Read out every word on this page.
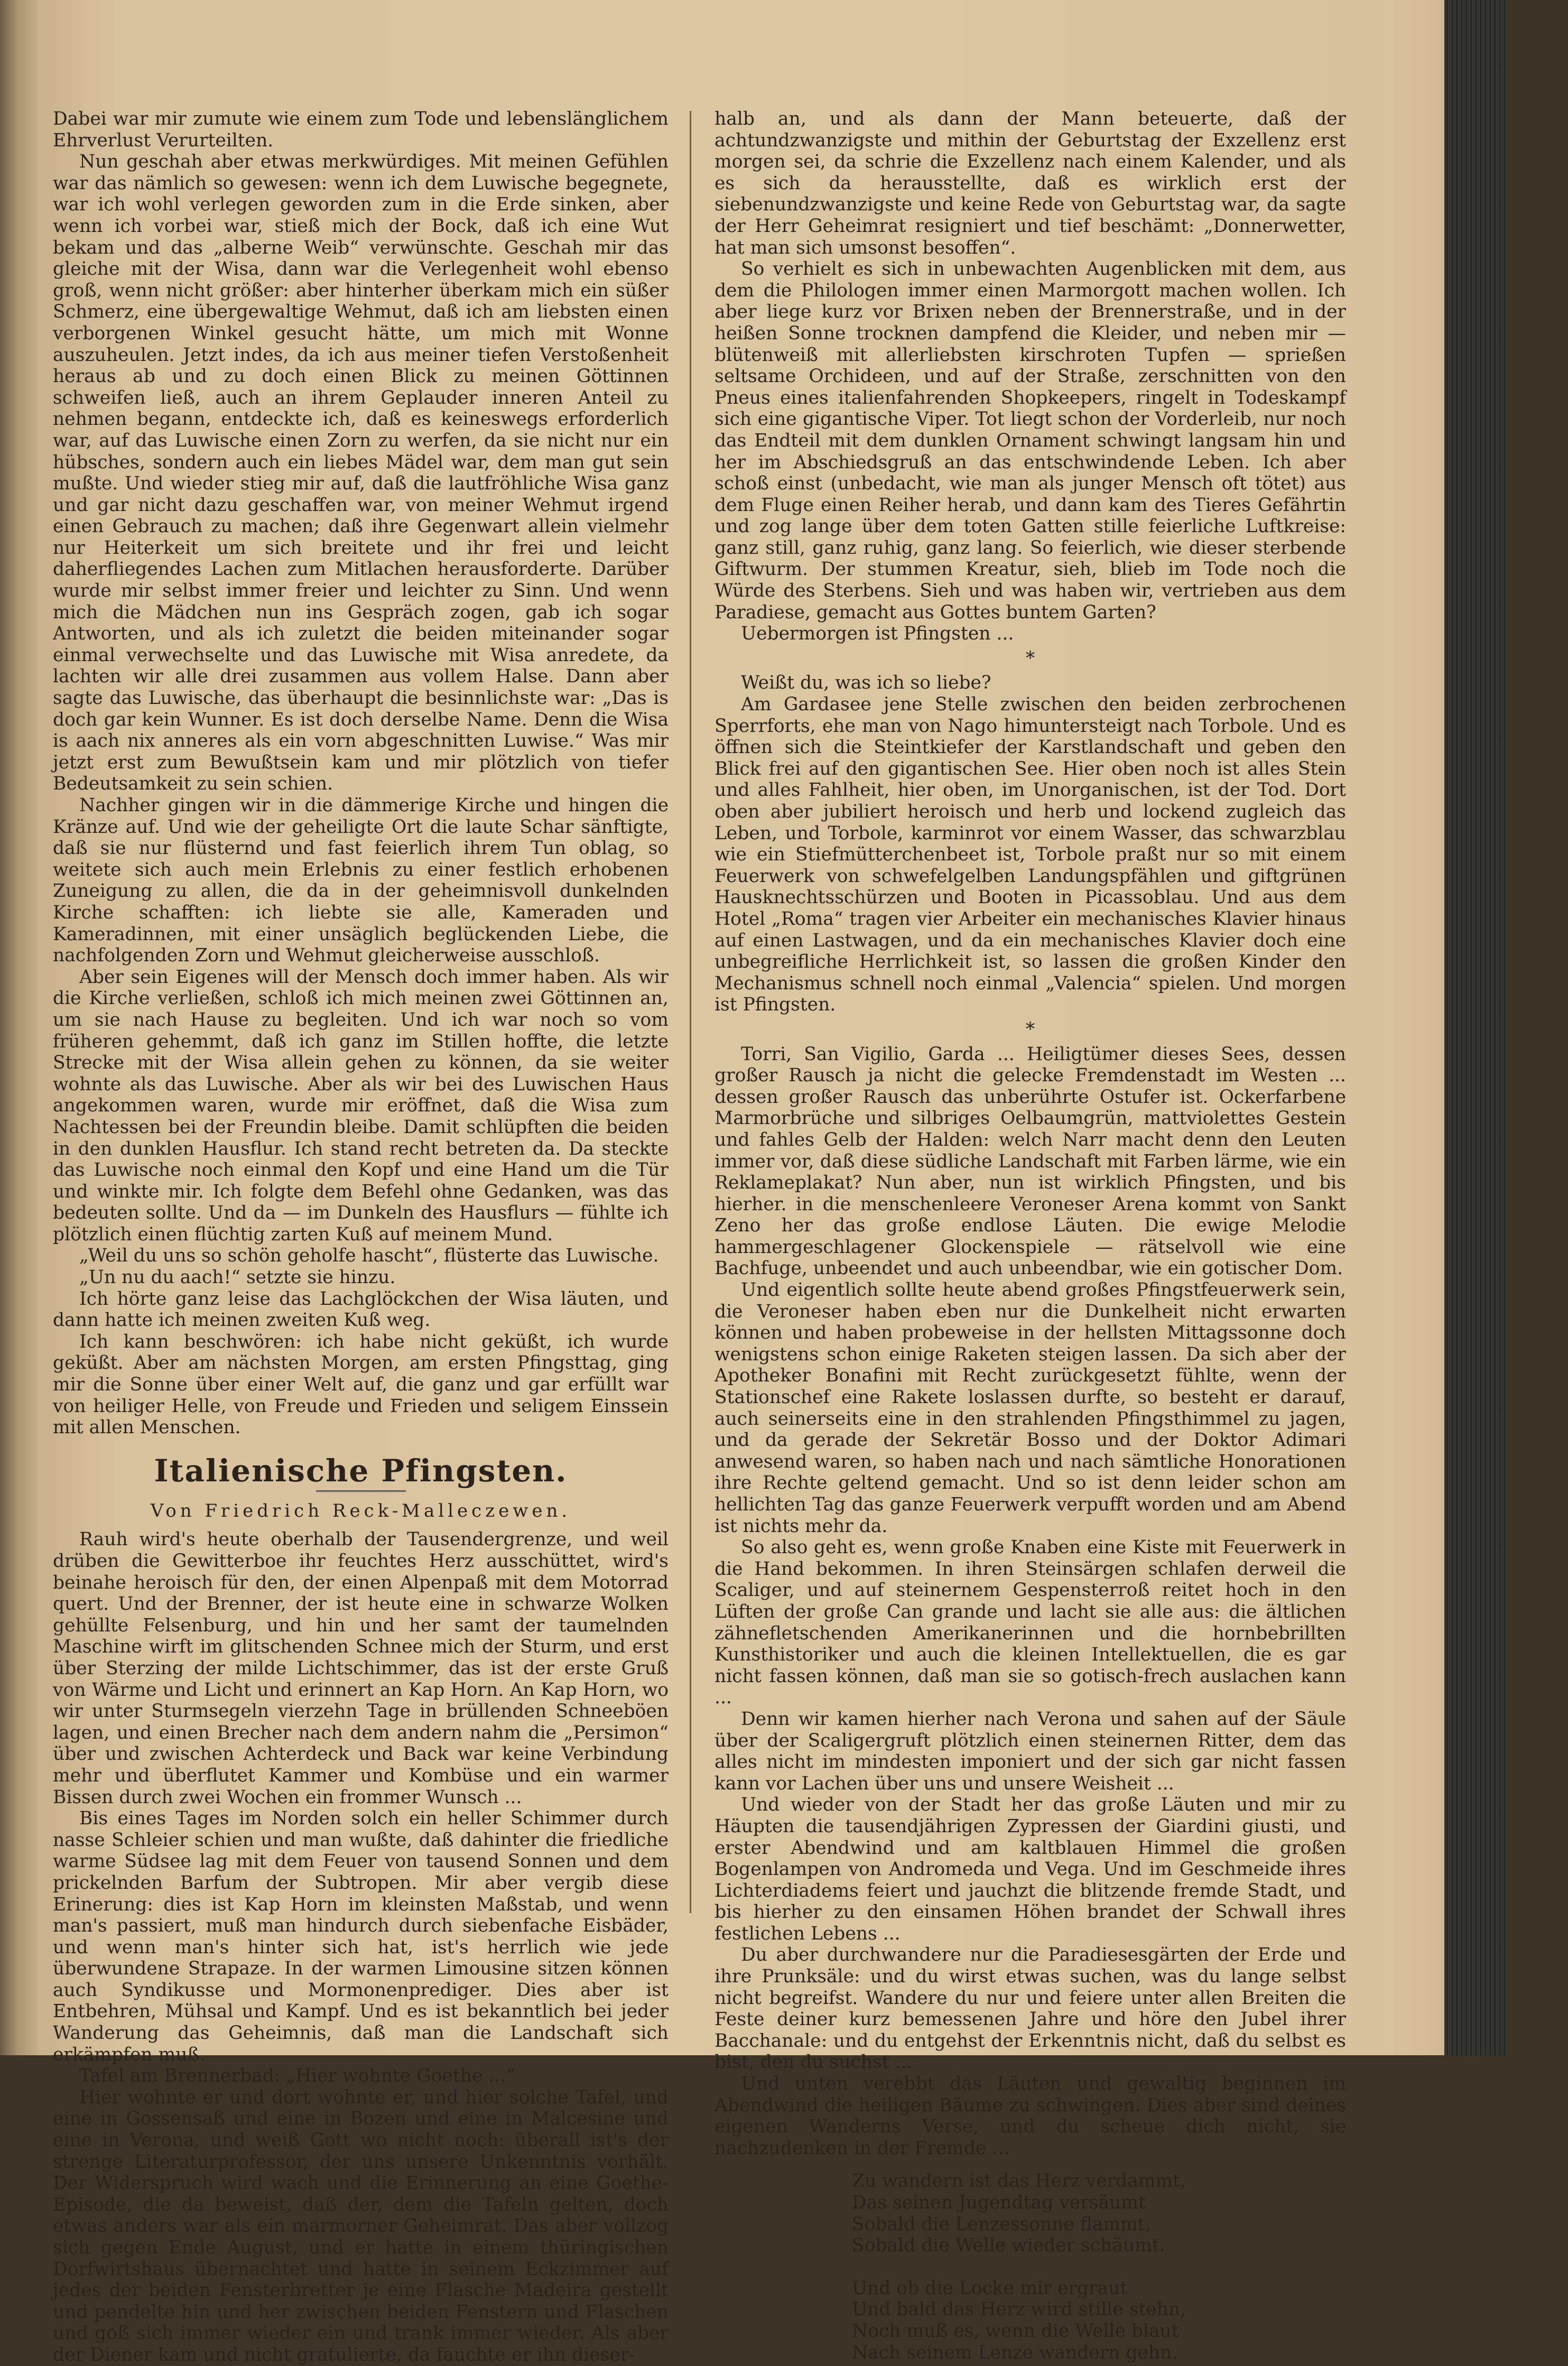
Dabei war mir zumute wie einem zum Tode und lebenslänglichem Ehrverlust Verurteilten.

Nun geschah aber etwas merkwürdiges. Mit meinen Gefühlen war das nämlich so gewesen: wenn ich dem Luwische begegnete, war ich wohl verlegen geworden zum in die Erde sinken, aber wenn ich vorbei war, stieß mich der Bock, daß ich eine Wut bekam und das „alberne Weib“ verwünschte. Geschah mir das gleiche mit der Wisa, dann war die Verlegenheit wohl ebenso groß, wenn nicht größer: aber hinterher überkam mich ein süßer Schmerz, eine übergewaltige Wehmut, daß ich am liebsten einen verborgenen Winkel gesucht hätte, um mich mit Wonne auszuheulen. Jetzt indes, da ich aus meiner tiefen Verstoßenheit heraus ab und zu doch einen Blick zu meinen Göttinnen schweifen ließ, auch an ihrem Geplauder inneren Anteil zu nehmen begann, entdeckte ich, daß es keineswegs erforderlich war, auf das Luwische einen Zorn zu werfen, da sie nicht nur ein hübsches, sondern auch ein liebes Mädel war, dem man gut sein mußte. Und wieder stieg mir auf, daß die lautfröhliche Wisa ganz und gar nicht dazu geschaffen war, von meiner Wehmut irgend einen Gebrauch zu machen; daß ihre Gegenwart allein vielmehr nur Heiterkeit um sich breitete und ihr frei und leicht daherfliegendes Lachen zum Mitlachen herausforderte. Darüber wurde mir selbst immer freier und leichter zu Sinn. Und wenn mich die Mädchen nun ins Gespräch zogen, gab ich sogar Antworten, und als ich zuletzt die beiden miteinander sogar einmal verwechselte und das Luwische mit Wisa anredete, da lachten wir alle drei zusammen aus vollem Halse. Dann aber sagte das Luwische, das überhaupt die besinnlichste war: „Das is doch gar kein Wunner. Es ist doch derselbe Name. Denn die Wisa is aach nix anneres als ein vorn abgeschnitten Luwise.“ Was mir jetzt erst zum Bewußtsein kam und mir plötzlich von tiefer Bedeutsamkeit zu sein schien.

Nachher gingen wir in die dämmerige Kirche und hingen die Kränze auf. Und wie der geheiligte Ort die laute Schar sänftigte, daß sie nur flüsternd und fast feierlich ihrem Tun oblag, so weitete sich auch mein Erlebnis zu einer festlich erhobenen Zuneigung zu allen, die da in der geheimnisvoll dunkelnden Kirche schafften: ich liebte sie alle, Kameraden und Kameradinnen, mit einer unsäglich beglückenden Liebe, die nachfolgenden Zorn und Wehmut gleicherweise ausschloß.

Aber sein Eigenes will der Mensch doch immer haben. Als wir die Kirche verließen, schloß ich mich meinen zwei Göttinnen an, um sie nach Hause zu begleiten. Und ich war noch so vom früheren gehemmt, daß ich ganz im Stillen hoffte, die letzte Strecke mit der Wisa allein gehen zu können, da sie weiter wohnte als das Luwische. Aber als wir bei des Luwischen Haus angekommen waren, wurde mir eröffnet, daß die Wisa zum Nachtessen bei der Freundin bleibe. Damit schlüpften die beiden in den dunklen Hausflur. Ich stand recht betreten da. Da steckte das Luwische noch einmal den Kopf und eine Hand um die Tür und winkte mir. Ich folgte dem Befehl ohne Gedanken, was das bedeuten sollte. Und da — im Dunkeln des Hausflurs — fühlte ich plötzlich einen flüchtig zarten Kuß auf meinem Mund.

„Weil du uns so schön geholfe hascht“, flüsterte das Luwische.

„Un nu du aach!“ setzte sie hinzu.

Ich hörte ganz leise das Lachglöckchen der Wisa läuten, und dann hatte ich meinen zweiten Kuß weg.

Ich kann beschwören: ich habe nicht geküßt, ich wurde geküßt. Aber am nächsten Morgen, am ersten Pfingsttag, ging mir die Sonne über einer Welt auf, die ganz und gar erfüllt war von heiliger Helle, von Freude und Frieden und seligem Einssein mit allen Menschen.

Italienische Pfingsten.
Von Friedrich Reck-Malleczewen.

Rauh wird's heute oberhalb der Tausendergrenze, und weil drüben die Gewitterboe ihr feuchtes Herz ausschüttet, wird's beinahe heroisch für den, der einen Alpenpaß mit dem Motorrad quert. Und der Brenner, der ist heute eine in schwarze Wolken gehüllte Felsenburg, und hin und her samt der taumelnden Maschine wirft im glitschenden Schnee mich der Sturm, und erst über Sterzing der milde Lichtschimmer, das ist der erste Gruß von Wärme und Licht und erinnert an Kap Horn. An Kap Horn, wo wir unter Sturmsegeln vierzehn Tage in brüllenden Schneeböen lagen, und einen Brecher nach dem andern nahm die „Persimon“ über und zwischen Achterdeck und Back war keine Verbindung mehr und überflutet Kammer und Kombüse und ein warmer Bissen durch zwei Wochen ein frommer Wunsch ...

Bis eines Tages im Norden solch ein heller Schimmer durch nasse Schleier schien und man wußte, daß dahinter die friedliche warme Südsee lag mit dem Feuer von tausend Sonnen und dem prickelnden Barfum der Subtropen. Mir aber vergib diese Erinerung: dies ist Kap Horn im kleinsten Maßstab, und wenn man's passiert, muß man hindurch durch siebenfache Eisbäder, und wenn man's hinter sich hat, ist's herrlich wie jede überwundene Strapaze. In der warmen Limousine sitzen können auch Syndikusse und Mormonenprediger. Dies aber ist Entbehren, Mühsal und Kampf. Und es ist bekanntlich bei jeder Wanderung das Geheimnis, daß man die Landschaft sich erkämpfen muß.

Tafel am Brennerbad: „Hier wohnte Goethe ...“

Hier wohnte er und dort wohnte er, und hier solche Tafel, und eine in Gossensaß und eine in Bozen und eine in Malcesine und eine in Verona, und weiß Gott wo nicht noch: überall ist's der strenge Literaturprofessor, der uns unsere Unkenntnis vorhält. Der Widerspruch wird wach und die Erinnerung an eine Goethe-Episode, die da beweist, daß der, dem die Tafeln gelten, doch etwas anders war als ein marmorner Geheimrat. Das aber vollzog sich gegen Ende August, und er hatte in einem thüringischen Dorfwirtshaus übernachtet und hatte in seinem Eckzimmer auf jedes der beiden Fensterbretter je eine Flasche Madeira gestellt und pendelte hin und her zwischen beiden Fenstern und Flaschen und goß sich immer wieder ein und trank immer wieder. Als aber der Diener kam und nicht gratulierte, da fauchte er ihn dieser-

halb an, und als dann der Mann beteuerte, daß der achtundzwanzigste und mithin der Geburtstag der Exzellenz erst morgen sei, da schrie die Exzellenz nach einem Kalender, und als es sich da herausstellte, daß es wirklich erst der siebenundzwanzigste und keine Rede von Geburtstag war, da sagte der Herr Geheimrat resigniert und tief beschämt: „Donnerwetter, hat man sich umsonst besoffen“.

So verhielt es sich in unbewachten Augenblicken mit dem, aus dem die Philologen immer einen Marmorgott machen wollen. Ich aber liege kurz vor Brixen neben der Brennerstraße, und in der heißen Sonne trocknen dampfend die Kleider, und neben mir — blütenweiß mit allerliebsten kirschroten Tupfen — sprießen seltsame Orchideen, und auf der Straße, zerschnitten von den Pneus eines italienfahrenden Shopkeepers, ringelt in Todeskampf sich eine gigantische Viper. Tot liegt schon der Vorderleib, nur noch das Endteil mit dem dunklen Ornament schwingt langsam hin und her im Abschiedsgruß an das entschwindende Leben. Ich aber schoß einst (unbedacht, wie man als junger Mensch oft tötet) aus dem Fluge einen Reiher herab, und dann kam des Tieres Gefährtin und zog lange über dem toten Gatten stille feierliche Luftkreise: ganz still, ganz ruhig, ganz lang. So feierlich, wie dieser sterbende Giftwurm. Der stummen Kreatur, sieh, blieb im Tode noch die Würde des Sterbens. Sieh und was haben wir, vertrieben aus dem Paradiese, gemacht aus Gottes buntem Garten?

Uebermorgen ist Pfingsten ...

*

Weißt du, was ich so liebe?

Am Gardasee jene Stelle zwischen den beiden zerbrochenen Sperrforts, ehe man von Nago himuntersteigt nach Torbole. Und es öffnen sich die Steintkiefer der Karstlandschaft und geben den Blick frei auf den gigantischen See. Hier oben noch ist alles Stein und alles Fahlheit, hier oben, im Unorganischen, ist der Tod. Dort oben aber jubiliert heroisch und herb und lockend zugleich das Leben, und Torbole, karminrot vor einem Wasser, das schwarzblau wie ein Stiefmütterchenbeet ist, Torbole praßt nur so mit einem Feuerwerk von schwefelgelben Landungspfählen und giftgrünen Hausknechtsschürzen und Booten in Picassoblau. Und aus dem Hotel „Roma“ tragen vier Arbeiter ein mechanisches Klavier hinaus auf einen Lastwagen, und da ein mechanisches Klavier doch eine unbegreifliche Herrlichkeit ist, so lassen die großen Kinder den Mechanismus schnell noch einmal „Valencia“ spielen. Und morgen ist Pfingsten.

*

Torri, San Vigilio, Garda ... Heiligtümer dieses Sees, dessen großer Rausch ja nicht die gelecke Fremdenstadt im Westen ... dessen großer Rausch das unberührte Ostufer ist. Ockerfarbene Marmorbrüche und silbriges Oelbaumgrün, mattviolettes Gestein und fahles Gelb der Halden: welch Narr macht denn den Leuten immer vor, daß diese südliche Landschaft mit Farben lärme, wie ein Reklameplakat? Nun aber, nun ist wirklich Pfingsten, und bis hierher. in die menschenleere Veroneser Arena kommt von Sankt Zeno her das große endlose Läuten. Die ewige Melodie hammergeschlagener Glockenspiele — rätselvoll wie eine Bachfuge, unbeendet und auch unbeendbar, wie ein gotischer Dom.

Und eigentlich sollte heute abend großes Pfingstfeuerwerk sein, die Veroneser haben eben nur die Dunkelheit nicht erwarten können und haben probeweise in der hellsten Mittagssonne doch wenigstens schon einige Raketen steigen lassen. Da sich aber der Apotheker Bonafini mit Recht zurückgesetzt fühlte, wenn der Stationschef eine Rakete loslassen durfte, so besteht er darauf, auch seinerseits eine in den strahlenden Pfingsthimmel zu jagen, und da gerade der Sekretär Bosso und der Doktor Adimari anwesend waren, so haben nach und nach sämtliche Honorationen ihre Rechte geltend gemacht. Und so ist denn leider schon am hellichten Tag das ganze Feuerwerk verpufft worden und am Abend ist nichts mehr da.

So also geht es, wenn große Knaben eine Kiste mit Feuerwerk in die Hand bekommen. In ihren Steinsärgen schlafen derweil die Scaliger, und auf steinernem Gespensterroß reitet hoch in den Lüften der große Can grande und lacht sie alle aus: die ältlichen zähnefletschenden Amerikanerinnen und die hornbebrillten Kunsthistoriker und auch die kleinen Intellektuellen, die es gar nicht fassen können, daß man sie so gotisch-frech auslachen kann ...

Denn wir kamen hierher nach Verona und sahen auf der Säule über der Scaligergruft plötzlich einen steinernen Ritter, dem das alles nicht im mindesten imponiert und der sich gar nicht fassen kann vor Lachen über uns und unsere Weisheit ...

Und wieder von der Stadt her das große Läuten und mir zu Häupten die tausendjährigen Zypressen der Giardini giusti, und erster Abendwind und am kaltblauen Himmel die großen Bogenlampen von Andromeda und Vega. Und im Geschmeide ihres Lichterdiadems feiert und jauchzt die blitzende fremde Stadt, und bis hierher zu den einsamen Höhen brandet der Schwall ihres festlichen Lebens ...

Du aber durchwandere nur die Paradiesesgärten der Erde und ihre Prunksäle: und du wirst etwas suchen, was du lange selbst nicht begreifst. Wandere du nur und feiere unter allen Breiten die Feste deiner kurz bemessenen Jahre und höre den Jubel ihrer Bacchanale: und du entgehst der Erkenntnis nicht, daß du selbst es bist, den du suchst ...

Und unten verebbt das Läuten und gewaltig beginnen im Abendwind die heiligen Bäume zu schwingen. Dies aber sind deines eigenen Wanderns Verse, und du scheue dich nicht, sie nachzudenken in der Fremde ...

Zu wandern ist das Herz verdammt,
Das seinen Jugendtag versäumt
Sobald die Lenzessonne flammt,
Sobald die Welle wieder schäumt.
Und ob die Locke mir ergraut
Und bald das Herz wird stille stehn,
Noch muß es, wenn die Welle blaut
Nach seinem Lenze wandern gehn.
